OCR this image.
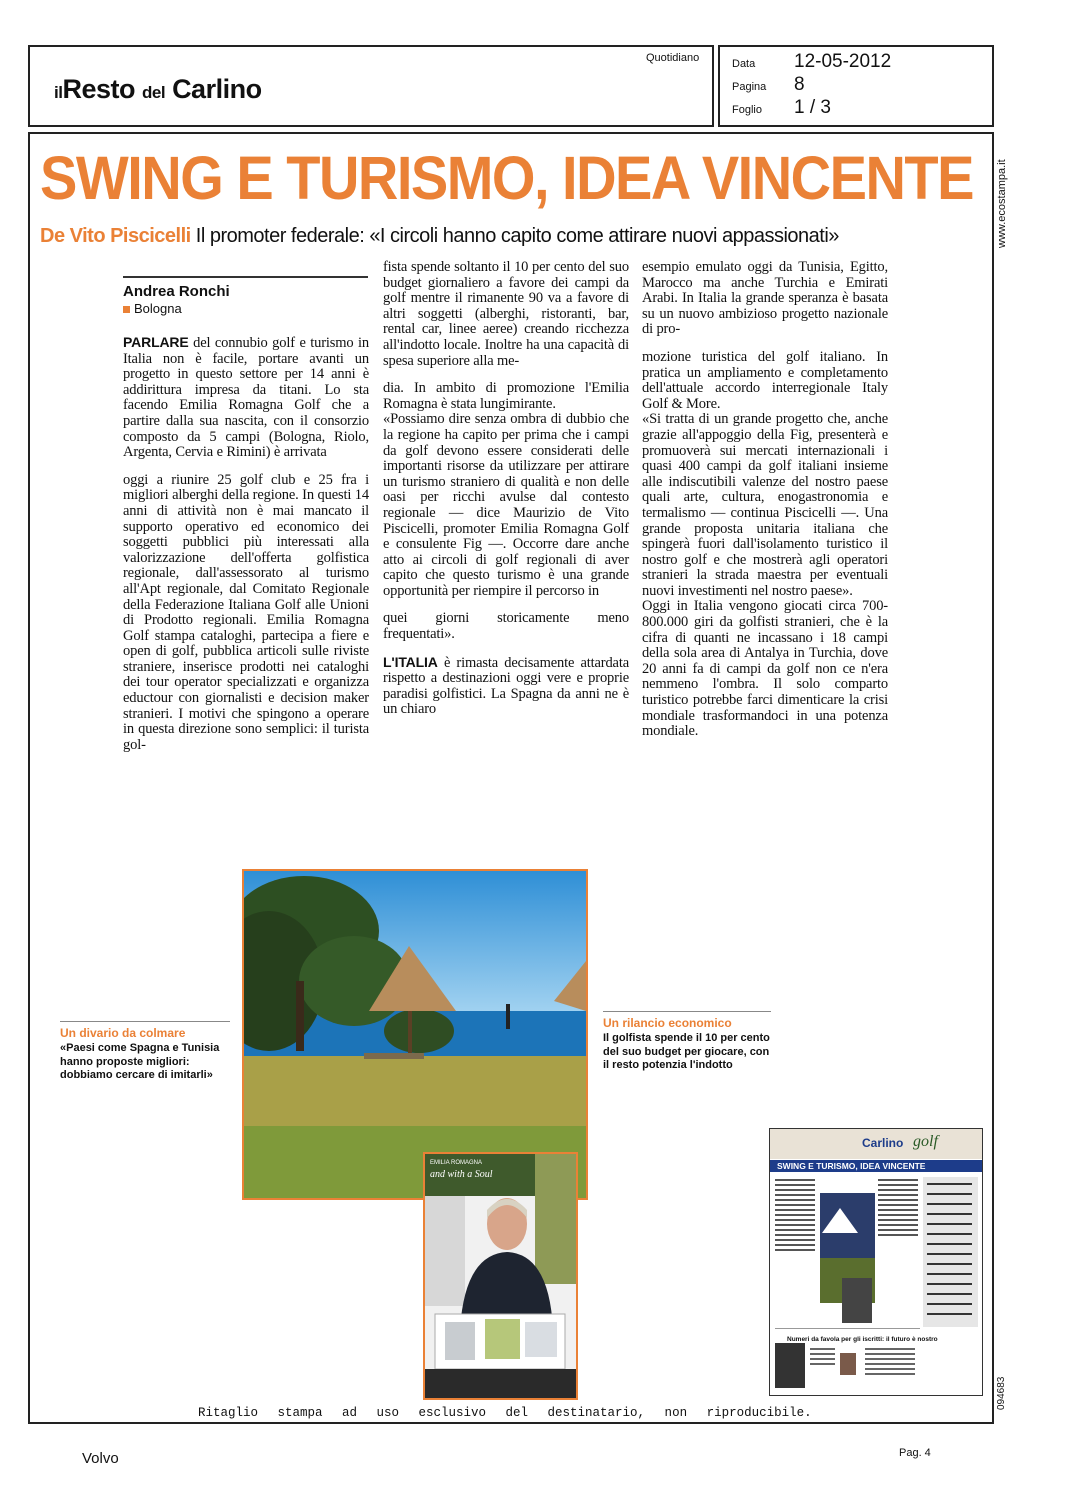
ilResto del Carlino
Quotidiano	Data	12-05-2012
Pagina	8
Foglio	1 / 3
SWING E TURISMO, IDEA VINCENTE
De Vito Piscicelli Il promoter federale: «I circoli hanno capito come attirare nuovi appassionati»	www.ecostampa.it
094683
Andrea Ronchi
Bologna

PARLARE del connubio golf e turismo in Italia non è facile, portare avanti un progetto in questo settore per 14 anni è addirittura impresa da titani. Lo sta facendo Emilia Romagna Golf che a partire dalla sua nascita, con il consorzio composto da 5 campi (Bologna, Riolo, Argenta, Cervia e Rimini) è arrivata

oggi a riunire 25 golf club e 25 fra i migliori alberghi della regione. In questi 14 anni di attività non è mai mancato il supporto operativo ed economico dei soggetti pubblici più interessati alla valorizzazione dell'offerta golfistica regionale, dall'assessorato al turismo all'Apt regionale, dal Comitato Regionale della Federazione Italiana Golf alle Unioni di Prodotto regionali. Emilia Romagna Golf stampa cataloghi, partecipa a fiere e open di golf, pubblica articoli sulle riviste straniere, inserisce prodotti nei cataloghi dei tour operator specializzati e organizza eductour con giornalisti e decision maker stranieri. I motivi che spingono a operare in questa direzione sono semplici: il turista gol-

fista spende soltanto il 10 per cento del suo budget giornaliero a favore dei campi da golf mentre il rimanente 90 va a favore di altri soggetti (alberghi, ristoranti, bar, rental car, linee aeree) creando ricchezza all'indotto locale. Inoltre ha una capacità di spesa superiore alla me-

dia. In ambito di promozione l'Emilia Romagna è stata lungimirante.

«Possiamo dire senza ombra di dubbio che la regione ha capito per prima che i campi da golf devono essere considerati delle importanti risorse da utilizzare per attirare un turismo straniero di qualità e non delle oasi per ricchi avulse dal contesto regionale — dice Maurizio de Vito Piscicelli, promoter Emilia Romagna Golf e consulente Fig —. Occorre dare anche atto ai circoli di golf regionali di aver capito che questo turismo è una grande opportunità per riempire il percorso in

quei giorni storicamente meno frequentati».

L'ITALIA è rimasta decisamente attardata rispetto a destinazioni oggi vere e proprie paradisi golfistici. La Spagna da anni ne è un chiaro

esempio emulato oggi da Tunisia, Egitto, Marocco ma anche Turchia e Emirati Arabi. In Italia la grande speranza è basata su un nuovo ambizioso progetto nazionale di pro-

mozione turistica del golf italiano. In pratica un ampliamento e completamento dell'attuale accordo interregionale Italy Golf & More.

«Si tratta di un grande progetto che, anche grazie all'appoggio della Fig, presenterà e promuoverà sui mercati internazionali i quasi 400 campi da golf italiani insieme alle indiscutibili valenze del nostro paese quali arte, cultura, enogastronomia e termalismo — continua Piscicelli —. Una grande proposta unitaria italiana che spingerà fuori dall'isolamento turistico il nostro golf e che mostrerà agli operatori stranieri la strada maestra per eventuali nuovi investimenti nel nostro paese».

Oggi in Italia vengono giocati circa 700-800.000 giri da golfisti stranieri, che è la cifra di quanti ne incassano i 18 campi della sola area di Antalya in Turchia, dove 20 anni fa di campi da golf non ce n'era nemmeno l'ombra. Il solo comparto turistico potrebbe farci dimenticare la crisi mondiale trasformandoci in una potenza mondiale.

Un divario da colmare
«Paesi come Spagna e Tunisia hanno proposte migliori: dobbiamo cercare di imitarli»
Un rilancio economico
Il golfista spende il 10 per cento del suo budget per giocare, con il resto potenzia l'indotto
EMILIA ROMAGNA
and with a Soul
Carlino golf
SWING E TURISMO, IDEA VINCENTE
Numeri da favola per gli iscritti: il futuro è nostro
Ritaglio stampa ad uso esclusivo del destinatario, non riproducibile.
Volvo	Pag. 4
